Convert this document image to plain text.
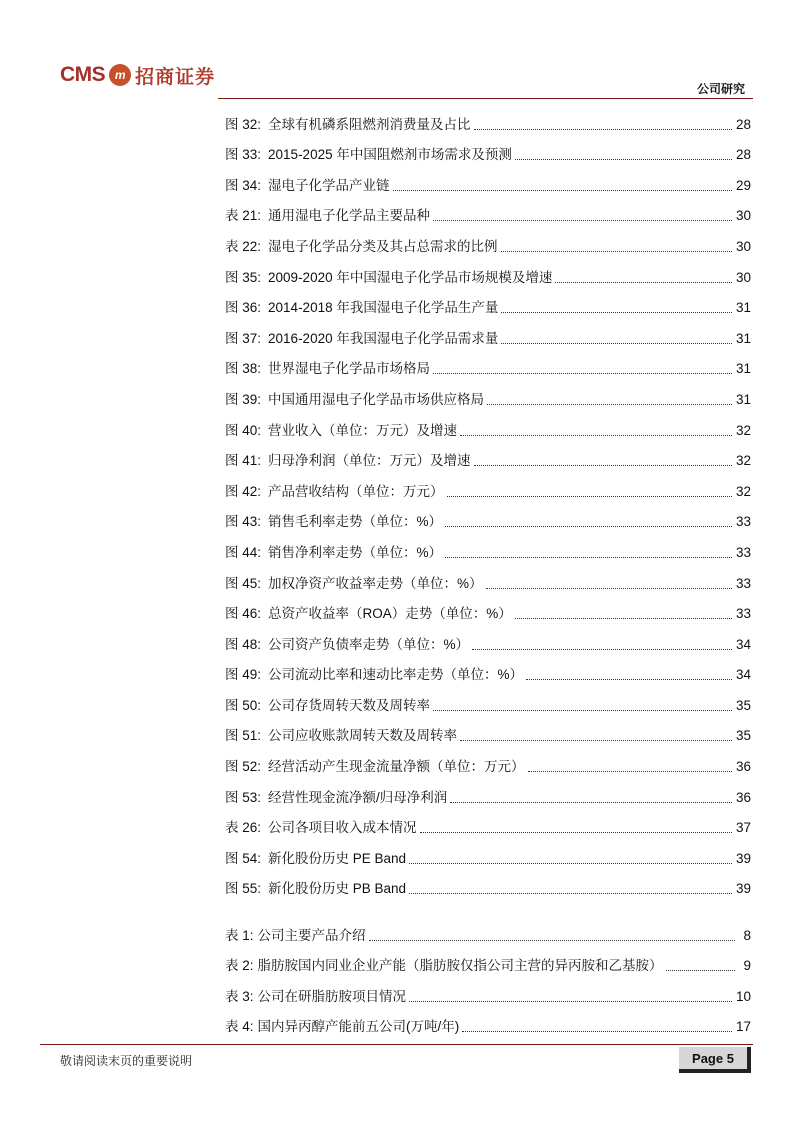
CMS m 招商证券
公司研究
图 32: 全球有机磷系阻燃剂消费量及占比	28
图 33: 2015-2025 年中国阻燃剂市场需求及预测	28
图 34: 湿电子化学品产业链	29
表 21: 通用湿电子化学品主要品种	30
表 22: 湿电子化学品分类及其占总需求的比例	30
图 35: 2009-2020 年中国湿电子化学品市场规模及增速	30
图 36: 2014-2018 年我国湿电子化学品生产量	31
图 37: 2016-2020 年我国湿电子化学品需求量	31
图 38: 世界湿电子化学品市场格局	31
图 39: 中国通用湿电子化学品市场供应格局	31
图 40: 营业收入（单位：万元）及增速	32
图 41: 归母净利润（单位：万元）及增速	32
图 42: 产品营收结构（单位：万元）	32
图 43: 销售毛利率走势（单位：%）	33
图 44: 销售净利率走势（单位：%）	33
图 45: 加权净资产收益率走势（单位：%）	33
图 46: 总资产收益率（ROA）走势（单位：%）	33
图 48: 公司资产负债率走势（单位：%）	34
图 49: 公司流动比率和速动比率走势（单位：%）	34
图 50: 公司存货周转天数及周转率	35
图 51: 公司应收账款周转天数及周转率	35
图 52: 经营活动产生现金流量净额（单位：万元）	36
图 53: 经营性现金流净额/归母净利润	36
表 26: 公司各项目收入成本情况	37
图 54: 新化股份历史 PE Band	39
图 55: 新化股份历史 PB Band	39
表 1: 公司主要产品介绍	8
表 2: 脂肪胺国内同业企业产能（脂肪胺仅指公司主营的异丙胺和乙基胺）	9
表 3: 公司在研脂肪胺项目情况	10
表 4: 国内异丙醇产能前五公司(万吨/年)	17
敬请阅读末页的重要说明	Page 5
